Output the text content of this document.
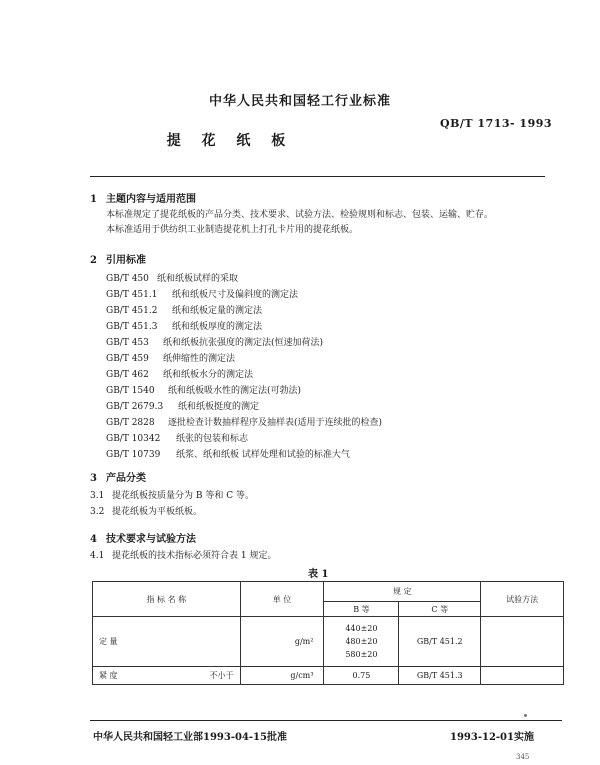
中华人民共和国轻工行业标准
QB/T 1713- 1993
提 花 纸 板
1 主题内容与适用范围
本标准规定了提花纸板的产品分类、技术要求、试验方法、检验规则和标志、包装、运输、贮存。
本标准适用于供纺织工业制造提花机上打孔卡片用的提花纸板。
2 引用标准
GB/T 450 纸和纸板试样的采取
GB/T 451.1 纸和纸板尺寸及偏斜度的测定法
GB/T 451.2 纸和纸板定量的测定法
GB/T 451.3 纸和纸板厚度的测定法
GB/T 453 纸和纸板抗张强度的测定法(恒速加荷法)
GB/T 459 纸伸缩性的测定法
GB/T 462 纸和纸板水分的测定法
GB/T 1540 纸和纸板吸水性的测定法(可勃法)
GB/T 2679.3 纸和纸板挺度的测定
GB/T 2828 逐批检查计数抽样程序及抽样表(适用于连续批的检查)
GB/T 10342 纸张的包装和标志
GB/T 10739 纸浆、纸和纸板 试样处理和试验的标准大气
3 产品分类
3.1 提花纸板按质量分为 B 等和 C 等。
3.2 提花纸板为平板纸板。
4 技术要求与试验方法
4.1 提花纸板的技术指标必须符合表 1 规定。
表 1
指 标 名 称	单 位	规 定		试验方法
		B 等	C 等	
定 量	g/m²	440±20
480±20
580±20	GB/T 451.2	
紧 度 不小于	g/cm³	0.75	GB/T 451.3	
中华人民共和国轻工业部1993-04-15批准	1993-12-01实施
345
